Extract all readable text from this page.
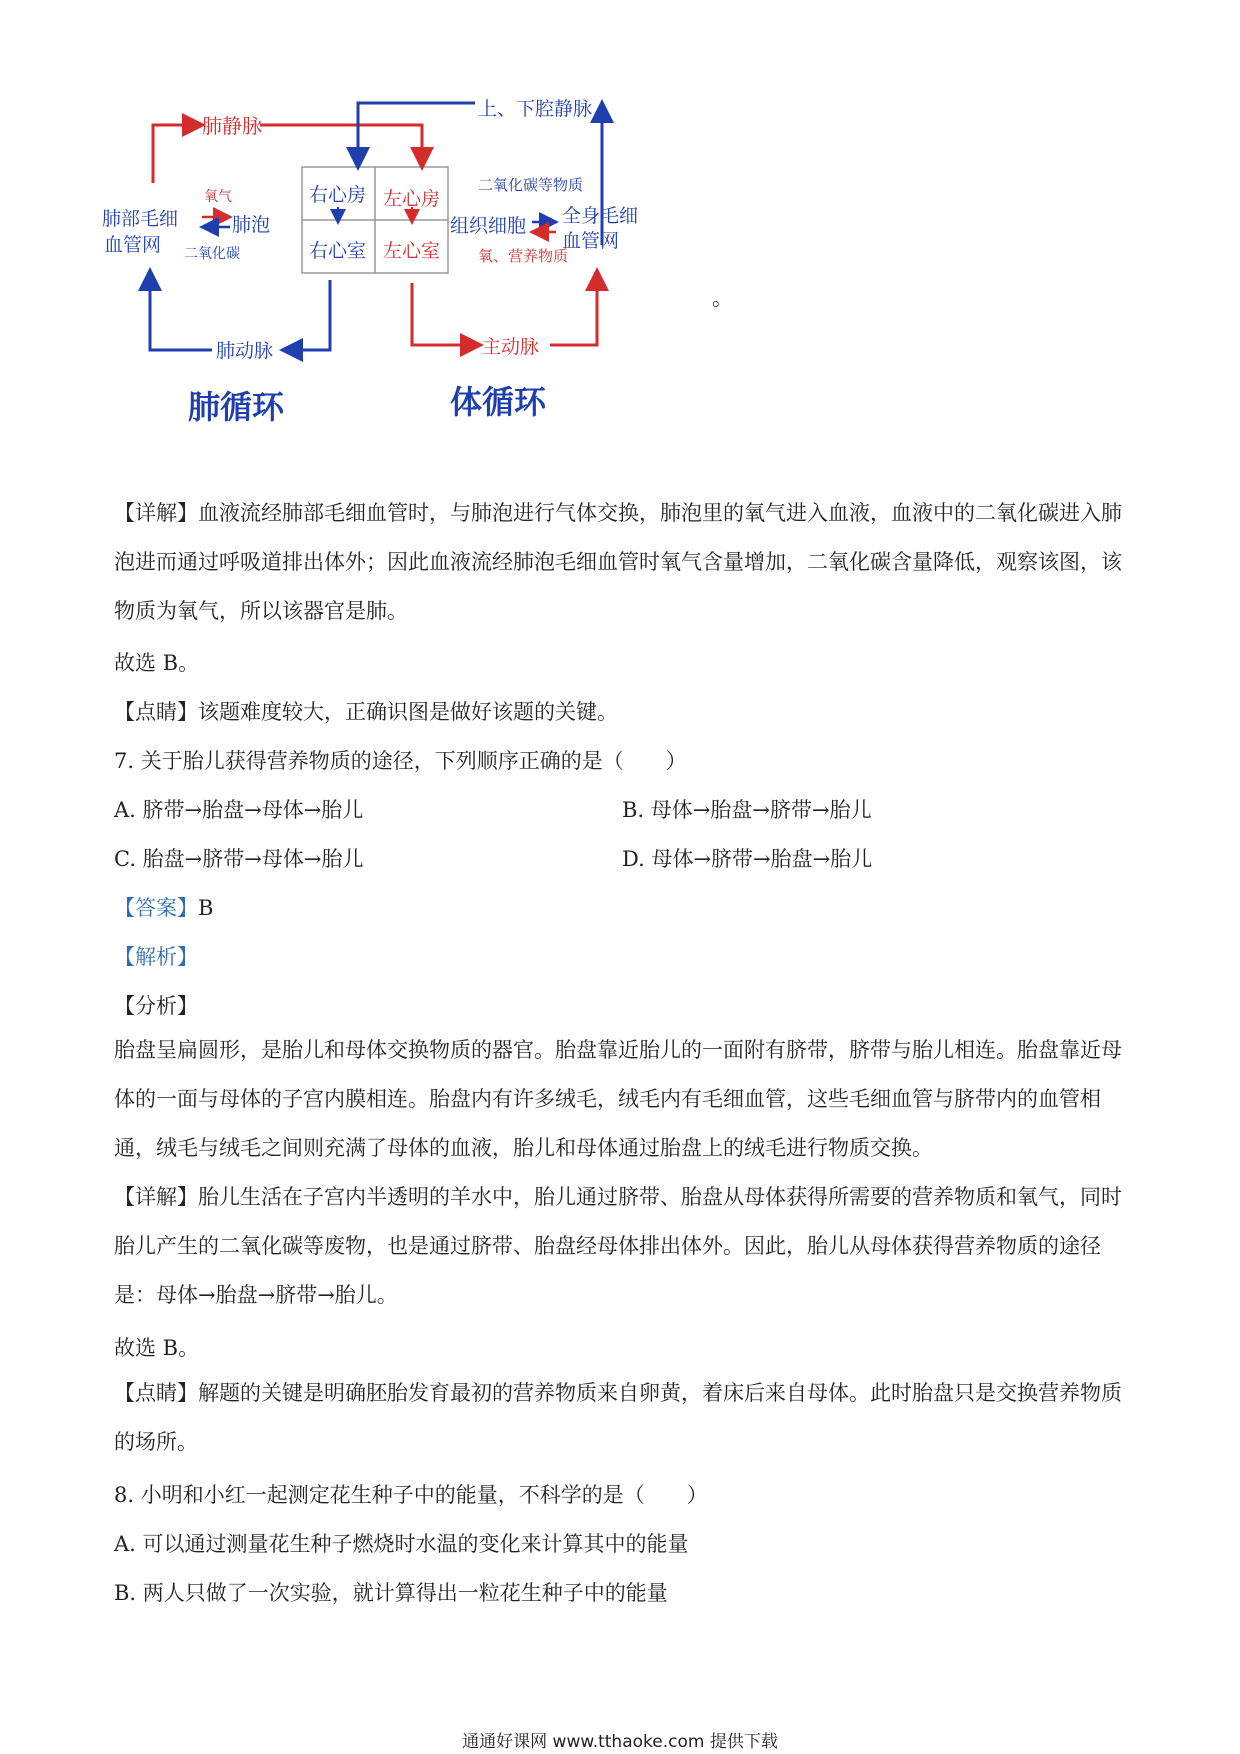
肺静脉
上、下腔静脉
氧气
肺泡
二氧化碳
肺部毛细
血管网
右心房 左心房
右心室 左心室
二氧化碳等物质
组织细胞 全身毛细
血管网
氧、营养物质
肺动脉	主动脉
肺循环	体循环
。
【详解】血液流经肺部毛细血管时，与肺泡进行气体交换，肺泡里的氧气进入血液，血液中的二氧化碳进入肺泡进而通过呼吸道排出体外；因此血液流经肺泡毛细血管时氧气含量增加，二氧化碳含量降低，观察该图，该物质为氧气，所以该器官是肺。
故选 B。
【点睛】该题难度较大，正确识图是做好该题的关键。
7. 关于胎儿获得营养物质的途径，下列顺序正确的是（　　）
A. 脐带→胎盘→母体→胎儿	B. 母体→胎盘→脐带→胎儿
C. 胎盘→脐带→母体→胎儿	D. 母体→脐带→胎盘→胎儿
【答案】B
【解析】
【分析】
胎盘呈扁圆形，是胎儿和母体交换物质的器官。胎盘靠近胎儿的一面附有脐带，脐带与胎儿相连。胎盘靠近母体的一面与母体的子宫内膜相连。胎盘内有许多绒毛，绒毛内有毛细血管，这些毛细血管与脐带内的血管相通，绒毛与绒毛之间则充满了母体的血液，胎儿和母体通过胎盘上的绒毛进行物质交换。
【详解】胎儿生活在子宫内半透明的羊水中，胎儿通过脐带、胎盘从母体获得所需要的营养物质和氧气，同时胎儿产生的二氧化碳等废物，也是通过脐带、胎盘经母体排出体外。因此，胎儿从母体获得营养物质的途径是：母体→胎盘→脐带→胎儿。
故选 B。
【点睛】解题的关键是明确胚胎发育最初的营养物质来自卵黄，着床后来自母体。此时胎盘只是交换营养物质的场所。
8. 小明和小红一起测定花生种子中的能量，不科学的是（　　）
A. 可以通过测量花生种子燃烧时水温的变化来计算其中的能量
B. 两人只做了一次实验，就计算得出一粒花生种子中的能量
通通好课网 www.tthaoke.com 提供下载
